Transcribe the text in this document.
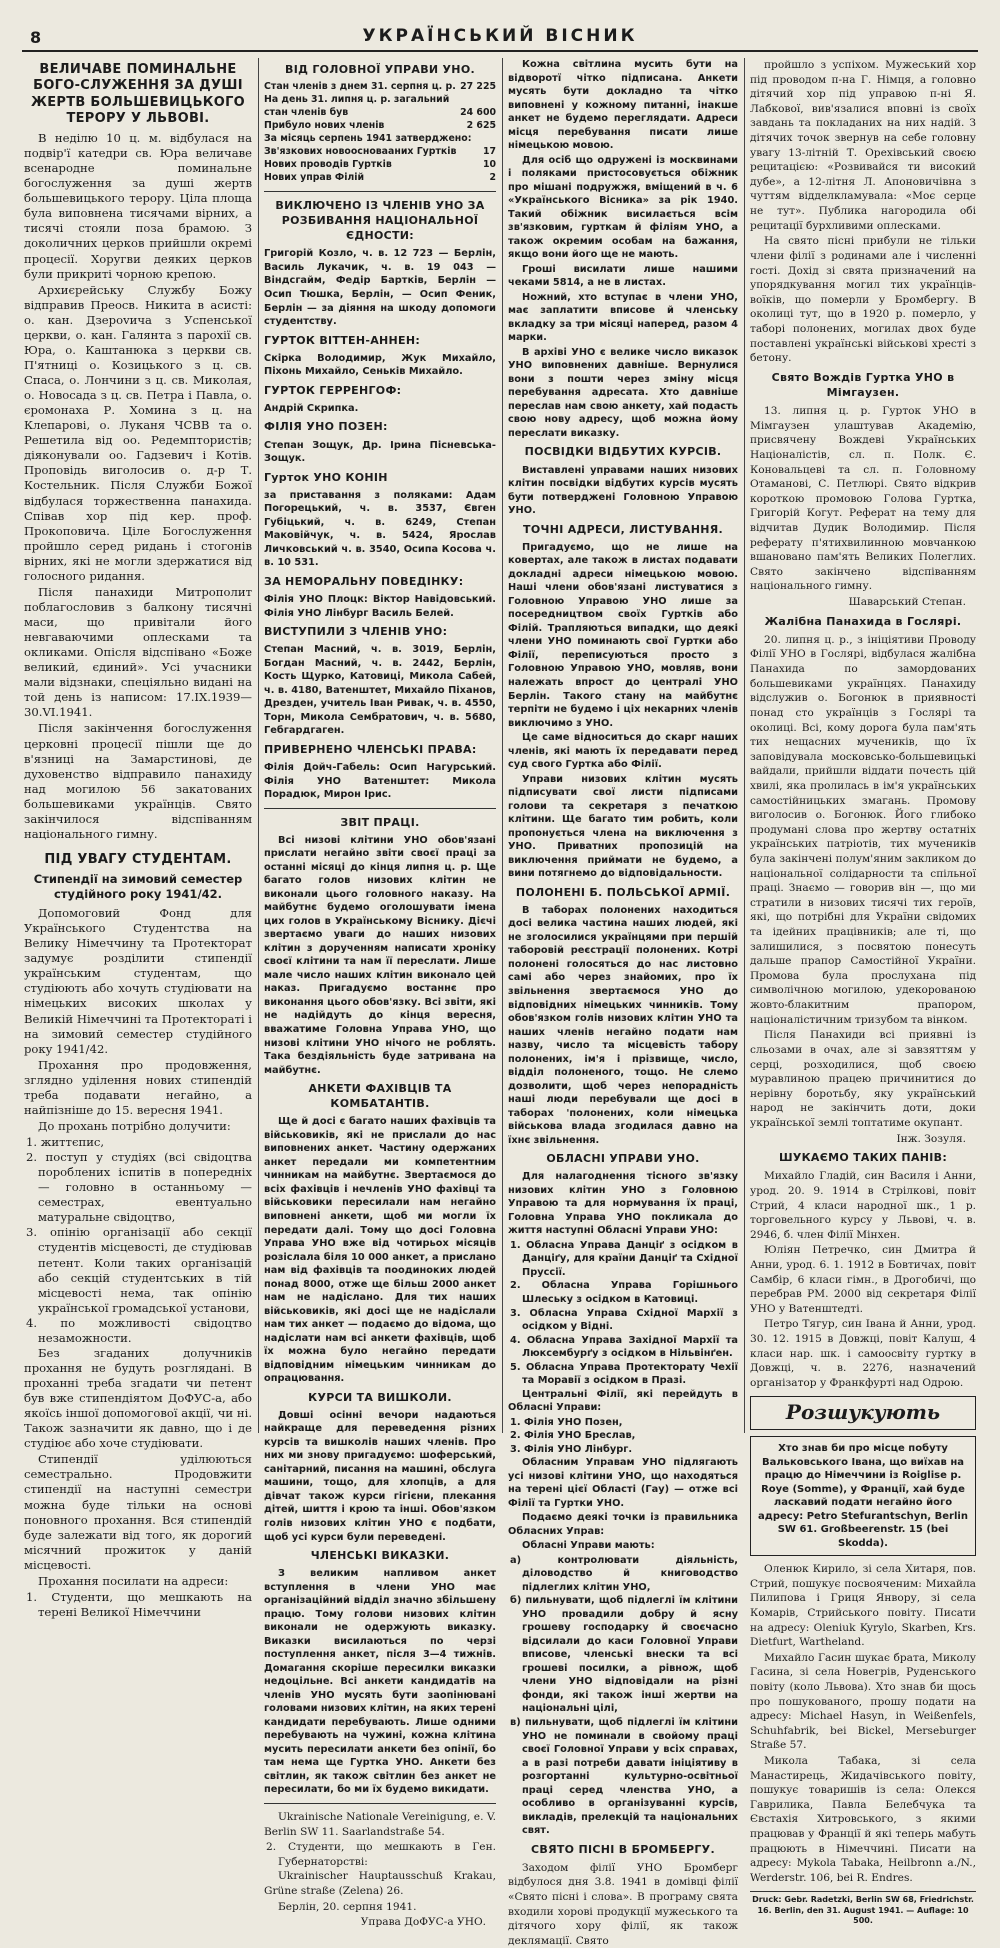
8	УКРАЇНСЬКИЙ ВІСНИК
ВЕЛИЧАВЕ ПОМИНАЛЬНЕ БОГО-СЛУЖЕННЯ ЗА ДУШІ ЖЕРТВ БОЛЬШЕВИЦЬКОГО ТЕРОРУ У ЛЬВОВІ.
В неділю 10 ц. м. відбулася на подвір'ї катедри св. Юра величаве всенародне поминальне богослуження за душі жертв большевицького терору. Ціла площа була виповнена тисячами вірних, а тисячі стояли поза брамою. З доколичних церков прийшли окремі процесії. Хоругви деяких церков були прикриті чорною крепою.
Архиєрейську Службу Божу відправив Преосв. Никита в асисті: о. кан. Дзерovича з Успенської церкви, о. кан. Галянта з парохії св. Юра, о. Каштанюка з церкви св. П'ятниці о. Козицького з ц. св. Спаса, о. Лончини з ц. св. Миколая, о. Новосада з ц. св. Петра і Павла, о. єромонаха Р. Хомина з ц. на Клепарові, о. Луканя ЧСВВ та о. Решетила від оо. Редемптористів; діяконували оо. Гадзевич і Котів. Проповідь виголосив о. д-р Т. Костельник. Після Служби Божої відбулася торжественна панахида. Співав хор під кер. проф. Прокоповича. Ціле Богослуження пройшло серед ридань і стогонів вірних, які не могли здержатися від голосного ридання.
Після панахиди Митрополит поблагословив з балкону тисячні маси, що привітали його невгаваючими оплесками та окликами. Опісля відспівано «Боже великий, єдиний». Усі учасники мали відзнаки, спеціяльно видані на той день із написом: 17.IX.1939—30.VI.1941.
Після закінчення богослуження церковні процесії пішли ще до в'язниці на Замарстинові, де духовенство відправило панахиду над могилою 56 закатованих большевиками українців. Свято закінчилося відспіванням національного гимну.
ПІД УВАГУ СТУДЕНТАМ.
Стипендії на зимовий семестер студійного року 1941/42.
Допомоговий Фонд для Українського Студентства на Велику Німеччину та Протекторат задумує розділити стипендії українським студентам, що студіюють або хочуть студіювати на німецьких високих школах у Великій Німеччині та Протектораті і на зимовий семестер студійного року 1941/42.
Прохання про продовження, зглядно уділення нових стипендій треба подавати негайно, а найпізніше до 15. вересня 1941.
До прохань потрібно долучити:
1. життєпис,
2. поступ у студіях (всі свідоцтва пороблених іспитів в попередніх — головно в останньому — семестрах, евентуально матуральне свідоцтво,
3. опінію організації або секції студентів місцевості, де студіював петент. Коли таких організацій або секцій студентських в тій місцевості нема, так опінію української громадської установи,
4. по можливості свідоцтво незаможности.
Без згаданих долучників прохання не будуть розглядані. В проханні треба згадати чи петент був вже стипендіятом ДоФУС-а, або якоїсь іншої допомогової акції, чи ні. Також зазначити як давно, що і де студіює або хоче студіювати.
Стипендії уділюються семестрально. Продовжити стипендії на наступні семестри можна буде тільки на основі поновного прохання. Вся стипендій буде залежати від того, як дорогий місячний прожиток у даній місцевості.
Прохання посилати на адреси:
1. Студенти, що мешкають на терені Великої Німеччини
ВІД ГОЛОВНОЇ УПРАВИ УНО.
Стан членів з днем 31. серпня ц. р. 27 225
На день 31. липня ц. р. загальний
стан членів був	24 600
Прибуло нових членів	2 625
За місяць серпень 1941 затверджено:
Зв'язкових новоосновааних Гуртків	17
Нових проводів Гуртків	10
Нових управ Філій	2
ВИКЛЮЧЕНО ІЗ ЧЛЕНІВ УНО ЗА РОЗБИВАННЯ НАЦІОНАЛЬНОЇ ЄДНОСТИ:
Григорій Козло, ч. в. 12 723 — Берлін, Василь Лукачик, ч. в. 19 043 — Віндсгайм, Федір Бартків, Берлін — Осип Тюшка, Берлін, — Осип Феник, Берлін — за діяння на шкоду допомоги студентству.
ГУРТОК ВІТТЕН-АННЕН:
Скірка Володимир, Жук Михайло, Піхонь Михайло, Сеньків Михайло.
ГУРТОК ГЕРРЕНГОФ:
Андрій Скрипка.
ФІЛІЯ УНО ПОЗЕН:
Степан Зощук, Др. Ірина Пісневська-Зощук.
Гурток УНО КОНІН
за приставання з поляками: Адам Погорецький, ч. в. 3537, Євген Губіцький, ч. в. 6249, Степан Маковійчук, ч. в. 5424, Ярослав Личковський ч. в. 3540, Осипа Косова ч. в. 10 531.
ЗА НЕМОРАЛЬНУ ПОВЕДІНКУ:
Філія УНО Плоцк: Віктор Навідовський. Філія УНО Лінбург Василь Белей.
ВИСТУПИЛИ З ЧЛЕНІВ УНО:
Степан Масний, ч. в. 3019, Берлін, Богдан Масний, ч. в. 2442, Берлін, Кость Щурко, Катовиці, Микола Сабей, ч. в. 4180, Ватенштет, Михайло Піханов, Дрезден, учитель Іван Ривак, ч. в. 4550, Торн, Микола Сембратович, ч. в. 5680, Гебгардгаген.
ПРИВЕРНЕНО ЧЛЕНСЬКІ ПРАВА:
Філія Дойч-Габель: Осип Нагурський. Філія УНО Ватенштет: Микола Порадюк, Мирон Ірис.
ЗВІТ ПРАЦІ.
Всі низові клітини УНО обов'язані прислати негайно звіти своєї праці за останні місяці до кінця липня ц. р. Ще багато голов низових клітин не виконали цього головного наказу. На майбутнє будемо оголошувати імена цих голов в Українському Віснику. Дієчі звертаємо уваги до наших низових клітин з дорученням написати хроніку своєї клітини та нам її переслати. Лише мале число наших клітин виконало цей наказ. Пригадуємо востаннє про виконання цього обов'язку. Всі звіти, які не надійдуть до кінця вересня, вважатиме Головна Управа УНО, що низові клітини УНО нічого не роблять. Така бездіяльність буде затривана на майбутнє.
АНКЕТИ ФАХІВЦІВ ТА КОМБАТАНТІВ.
Ще й досі є багато наших фахівців та військовиків, які не прислали до нас виповнених анкет. Частину одержаних анкет передали ми компетентним чинникам на майбутнє. Звертаємося до всіх фахівців і нечленів УНО фахівці та військовики пересилали нам негайно виповнені анкети, щоб ми могли їх передати далі. Тому що досі Головна Управа УНО вже від чотирьох місяців розіслала біля 10 000 анкет, а прислано нам від фахівців та поодиноких людей понад 8000, отже ще більш 2000 анкет нам не надіслано. Для тих наших військовиків, які досі ще не надіслали нам тих анкет — подаємо до відома, що надіслати нам всі анкети фахівців, щоб їх можна було негайно передати відповідним німецьким чинникам до опрацювання.
КУРСИ ТА ВИШКОЛИ.
Довші осінні вечори надаються найкраще для переведення різних курсів та вишколів наших членів. Про них ми знову пригадуємо: шоферський, санітарний, писання на машині, обслуга машини, тощо, для хлопців, а для дівчат також курси гігієни, плекання дітей, шиття і крою та інші. Обов'язком голів низових клітин УНО є подбати, щоб усі курси були переведені.
ЧЛЕНСЬКІ ВИКАЗКИ.
З великим напливом анкет вступлення в члени УНО має організаційний відділ значно збільшену працю. Тому голови низових клітин виконали не одержують виказку. Виказки висилаються по черзі поступлення анкет, після 3—4 тижнів. Домагання скоріше пересилки виказки недоцільне. Всі анкети кандидатів на членів УНО мусять бути заопінювані головами низових клітин, на яких терені кандидати перебувають. Лише одними перебувають на чужині, кожна клітина мусить пересилати анкети без опінії, бо там нема ще Гуртка УНО. Анкети без світлин, як також світлин без анкет не пересилати, бо ми їх будемо викидати.
Ukrainische Nationale Vereinigung, e. V. Berlin SW 11. Saarlandstraße 54.
2. Студенти, що мешкають в Ген. Губернаторстві:
Ukrainischer Hauptausschuß Krakau, Grüne straße (Zelena) 26.
Берлін, 20. серпня 1941.
Управа ДоФУС-а УНО.
Кожна світлина мусить бути на відворотї чітко підписана. Анкети мусять бути докладно та чітко виповнені у кожному питанні, інакше анкет не будемо переглядати. Адреси місця перебування писати лише німецькою мовою.
Для осіб що одружені із москвинами і поляками пристосовується обіжник про мішані подружжя, вміщений в ч. 6 «Українського Вісника» за рік 1940. Такий обіжник висилається всім зв'язковим, гурткам й філіям УНО, а також окремим особам на бажання, якщо вони його ще не мають.
Гроші висилати лише нашими чеками 5814, а не в листах.
Ножний, хто вступає в члени УНО, має заплатити вписове й членську вкладку за три місяці наперед, разом 4 марки.
В архіві УНО є велике число виказок УНО виповнених давніше. Вернулися вони з пошти через зміну місця перебування адресата. Хто давніше переслав нам свою анкету, хай подасть свою нову адресу, щоб можна йому переслати виказку.
ПОСВІДКИ ВІДБУТИХ КУРСІВ.
Виставлені управами наших низових клітин посвідки відбутих курсів мусять бути потверджені Головною Управою УНО.
ТОЧНІ АДРЕСИ, ЛИСТУВАННЯ.
Пригадуємо, що не лише на ковертах, але також в листах подавати докладні адреси німецькою мовою. Наші члени обов'язані листуватися з Головною Управою УНО лише за посередництвом своїх Гуртків або Філій. Трапляються випадки, що деякі члени УНО поминають свої Гуртки або Філії, переписуються просто з Головною Управою УНО, мовляв, вони належать впрост до централі УНО Берлін. Такого стану на майбутнє терпіти не будемо і ціх некарних членів виключимо з УНО.
Це саме відноситься до скарг наших членів, які мають їх передавати перед суд свого Гуртка або Філії.
Управи низових клітин мусять підписувати свої листи підписами голови та секретаря з печаткою клітини. Ще багато тим робить, коли пропонується члена на виключення з УНО. Приватних пропозицій на виключення приймати не будемо, а вини потягнемо до відповідальности.
ПОЛОНЕНІ Б. ПОЛЬСЬКОЇ АРМІЇ.
В таборах полонених находиться досі велика частина наших людей, які не зголосилися українцями при першій таборовій реєстрації полонених. Котрі полонені голосяться до нас листовно самі або через знайомих, про їх звільнення звертаємося УНО до відповідних німецьких чинників. Тому обов'язком голів низових клітин УНО та наших членів негайно подати нам назву, число та місцевість табору полонених, ім'я і прізвище, число, відділ полоненого, тощо. Не слемо дозволити, щоб через непорадність наші люди перебували ще досі в таборах 'полонених, коли німецька військова влада згодилася давно на їхнє звільнення.
ОБЛАСНІ УПРАВИ УНО.
Для налагоднення тісного зв'язку низових клітин УНО з Головною Управою та для нормування їх праці, Головна Управа УНО покликала до життя наступні Обласні Управи УНО:
1. Обласна Управа Данціґ з осідком в Данціґу, для країни Данціґ та Східної Пруссії.
2. Обласна Управа Горішнього Шлеську з осідком в Катовиці.
3. Обласна Управа Східної Мархії з осідком у Відні.
4. Обласна Управа Західної Мархії та Люксембурґу з осідком в Нільвінґен.
5. Обласна Управа Протекторату Чехії та Моравії з осідком в Празі.
Центральні Філії, які перейдуть в Обласні Управи:
1. Філія УНО Позен,
2. Філія УНО Бреслав,
3. Філія УНО Лінбург.
Обласним Управам УНО підлягають усі низові клітини УНО, що находяться на терені цієї Області (Гау) — отже всі Філії та Гуртки УНО.
Подаємо деякі точки із правильника Обласних Управ:
Обласні Управи мають:
а) контролювати діяльність, діловодство й книговодство підлеглих клітин УНО,
б) пильнувати, щоб підлеглі їм клітини УНО провадили добру й ясну грошеву господарку й своєчасно відсилали до каси Головної Управи вписове, членські внески та всі грошеві посилки, а рівнож, щоб члени УНО відповідали на різні фонди, які також інші жертви на національні цілі,
в) пильнувати, щоб підлеглі їм клітини УНО не поминали в свойому праці своєї Головної Управи у всіх справах, а в разі потреби давати ініціятиву в розгортанні культурно-освітньої праці серед членства УНО, а особливо в організуванні курсів, викладів, прелекцій та національних свят.
СВЯТО ПІСНІ В БРОМБЕРГУ.
Заходом філії УНО Бромберг відбулося дня 3.8. 1941 в домівці філії «Свято пісні і слова». В програму свята входили хорові продукції мужеського та дітячого хору філії, як також деклямації. Свято
пройшло з успіхом. Мужеський хор під проводом п-на Г. Німця, а головно дітячий хор під управою п-ні Я. Лабкової, вив'язалися вповні із своїх завдань та покладаних на них надій. З дітячих точок звернув на себе головну увагу 13-літній Т. Орехівський своєю рецитацією: «Розвивайся ти високий дубе», а 12-літня Л. Апоновичівна з чуттям відделкламувала: «Моє серце не тут». Публика нагородила обі рецитації бурхливими оплесками.
На свято пісні прибули не тільки члени філії з родинами але і численні гості. Дохід зі свята призначений на упорядкування могил тих українців-воїків, що померли у Бромбергу. В околиці тут, що в 1920 р. померло, у таборі полонених, могилах двох буде поставлені українські військові хресті з бетону.
Свято Вождів Гуртка УНО в Мімгаузен.
13. липня ц. р. Гурток УНО в Мімгаузен улаштував Академію, присвячену Вождеві Українських Націоналістів, сл. п. Полк. Є. Коновальцеві та сл. п. Головному Отаманові, С. Петлюрі. Свято відкрив короткою промовою Голова Гуртка, Григорій Когут. Реферат на тему для відчитав Дудик Володимир. Після реферату п'ятихвилинною мовчанкою вшановано пам'ять Великих Полеглих. Свято закінчено відспіванням національного гимну.
Шаварський Степан.
Жалібна Панахида в Гослярі.
20. липня ц. р., з ініціятиви Проводу Філії УНО в Гослярі, відбулася жалібна Панахида по замордованих большевиками українцях. Панахиду відслужив о. Богонюк в приявності понад сто українців з Гослярі та околиці. Всі, кому дорога була пам'ять тих нещасних мучеників, що їх заповідувала московсько-большевицькі вайдали, прийшли віддати почесть цій хвилі, яка пролилась в ім'я українських самостійницьких змагань. Промову виголосив о. Богонюк. Його глибоко продумані слова про жертву остатніх українських патріотів, тих мучеників була закінчені полум'яним закликом до національної солідарности та спільної праці. Знаємо — говорив він —, що ми стратили в низових тисячі тих героїв, які, що потрібні для України свідомих та ідейних працівників; але ті, що залишилися, з посвятою понесуть дальше прапор Самостійної України. Промова була прослухана під символічною могилою, удекорованою жовто-блакитним прапором, націоналістичним тризубом та вінком.
Після Панахиди всі приявні із сльозами в очах, але зі завзяттям у серці, розходилися, щоб своєю муравлиною працею причинитися до нерівну боротьбу, яку український народ не закінчить доти, доки української землі топтатиме окупант.
Інж. Зозуля.
ШУКАЄМО ТАКИХ ПАНІВ:
Михайло Гладій, син Василя і Анни, урод. 20. 9. 1914 в Стрілкові, повіт Стрий, 4 класи народної шк., 1 р. торговельного курсу у Львові, ч. в. 2946, б. член Філії Мінхен.
Юліян Петречко, син Дмитра й Анни, урод. 6. 1. 1912 в Бовтичах, повіт Самбір, 6 класи гімн., в Дрогобичі, що перебрав РМ. 2000 від секретаря Філії УНО у Ватенштедті.
Петро Тягур, син Івана й Анни, урод. 30. 12. 1915 в Довжці, повіт Калуш, 4 класи нар. шк. і самоосвіту гуртку в Довжці, ч. в. 2276, назначений організатор у Франкфурті над Одрою.
Розшукують
Хто знав би про місце побуту Вальковського Івана, що виїхав на працю до Німеччини із Roiglise p. Roye (Somme), у Франції, хай буде ласкавий подати негайно його адресу: Petro Stefurantschyn, Berlin SW 61. Großbeerenstr. 15 (bei Skodda).
Оленюк Кирило, зі села Хитаря, пов. Стрий, пошукує посвояченим: Михайла Пилипова і Гриця Янвору, зі села Комарів, Стрийського повіту. Писати на адресу: Oleniuk Kyrylo, Skarben, Krs. Dietfurt, Wartheland.
Михайло Гасин шукає брата, Миколу Гасина, зі села Новегрів, Руденського повіту (коло Львова). Хто знав би щось про пошукованого, прошу подати на адресу: Michael Hasyn, in Weißenfels, Schuhfabrik, bei Bickel, Merseburger Straße 57.
Микола Табака, зі села Манастирець, Жидачівського повіту, пошукує товаришів із села: Олекся Гаврилика, Павла Белебчука та Євстахія Хитровського, з якими працював у Франції й які теперь мабуть працюють в Німеччині. Писати на адресу: Mykola Tabaka, Heilbronn a./N., Werderstr. 106, bei R. Endres.
Druck: Gebr. Radetzki, Berlin SW 68, Friedrichstr. 16. Berlin, den 31. August 1941. — Auflage: 10 500.
